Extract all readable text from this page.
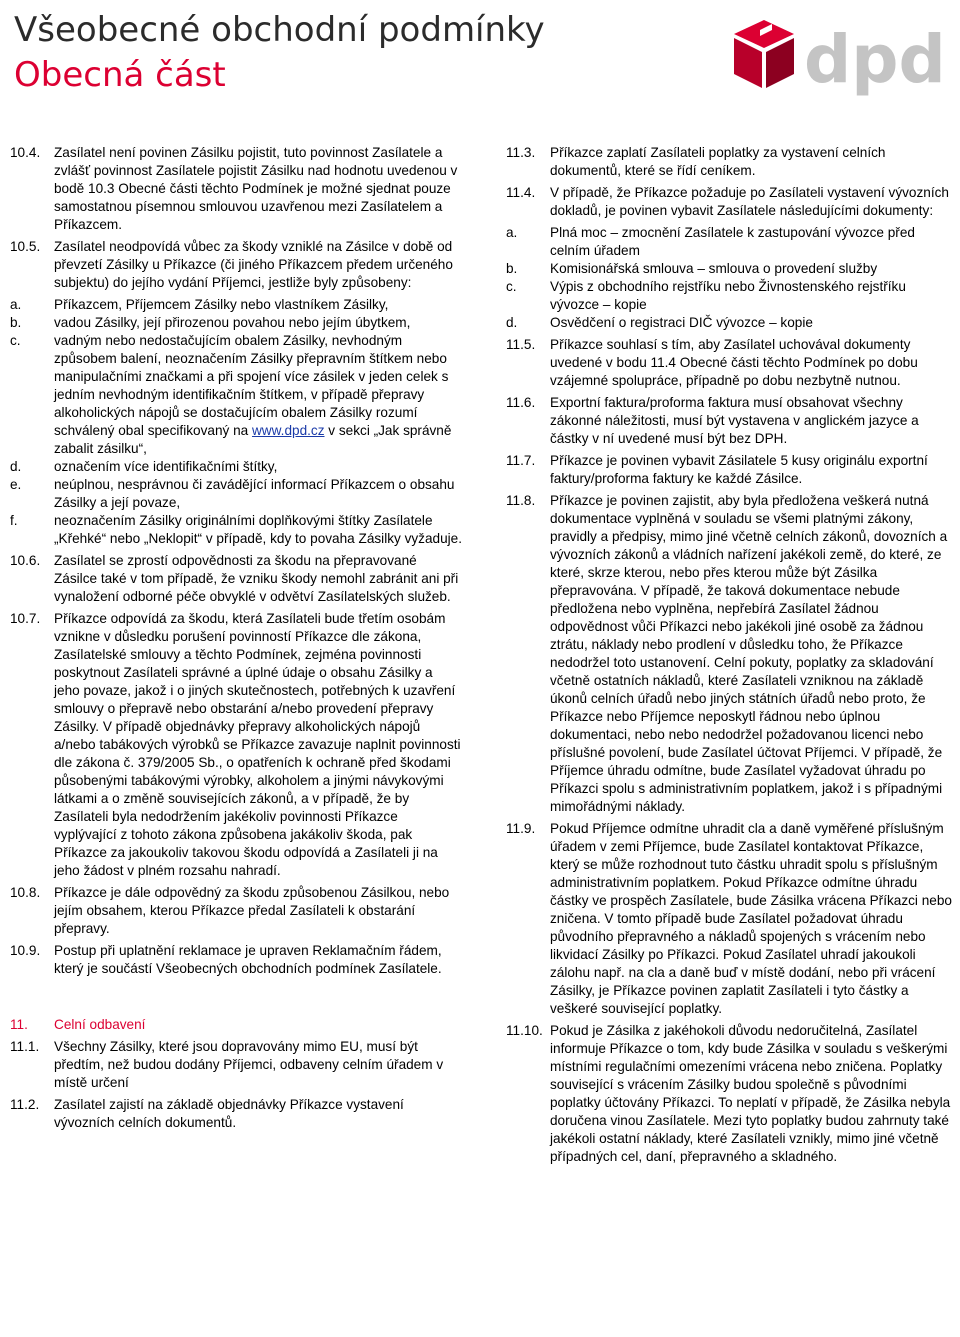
Všeobecné obchodní podmínky
Obecná část	dpd
10.4.	Zasílatel není povinen Zásilku pojistit, tuto povinnost Zasílatele a zvlášť povinnost Zasílatele pojistit Zásilku nad hodnotu uvedenou v bodě 10.3 Obecné části těchto Podmínek je možné sjednat pouze samostatnou písemnou smlouvou uzavřenou mezi Zasílatelem a Příkazcem.
10.5.	Zasílatel neodpovídá vůbec za škody vzniklé na Zásilce v době od převzetí Zásilky u Příkazce (či jiného Příkazcem předem určeného subjektu) do jejího vydání Příjemci, jestliže byly způsobeny:
a.	Příkazcem, Příjemcem Zásilky nebo vlastníkem Zásilky,
b.	vadou Zásilky, její přirozenou povahou nebo jejím úbytkem,
c.	vadným nebo nedostačujícím obalem Zásilky, nevhodným způsobem balení, neoznačením Zásilky přepravním štítkem nebo manipulačními značkami a při spojení více zásilek v jeden celek s jedním nevhodným identifikačním štítkem, v případě přepravy alkoholických nápojů se dostačujícím obalem Zásilky rozumí schválený obal specifikovaný na www.dpd.cz v sekci „Jak správně zabalit zásilku“,
d.	označením více identifikačními štítky,
e.	neúplnou, nesprávnou či zavádějící informací Příkazcem o obsahu Zásilky a její povaze,
f.	neoznačením Zásilky originálními doplňkovými štítky Zasílatele „Křehké“ nebo „Neklopit“ v případě, kdy to povaha Zásilky vyžaduje.
10.6.	Zasílatel se zprostí odpovědnosti za škodu na přepravované Zásilce také v tom případě, že vzniku škody nemohl zabránit ani při vynaložení odborné péče obvyklé v odvětví Zasílatelských služeb.
10.7.	Příkazce odpovídá za škodu, která Zasílateli bude třetím osobám vznikne v důsledku porušení povinností Příkazce dle zákona, Zasílatelské smlouvy a těchto Podmínek, zejména povinnosti poskytnout Zasílateli správné a úplné údaje o obsahu Zásilky a jeho povaze, jakož i o jiných skutečnostech, potřebných k uzavření smlouvy o přepravě nebo obstarání a/nebo provedení přepravy Zásilky. V případě objednávky přepravy alkoholických nápojů a/nebo tabákových výrobků se Příkazce zavazuje naplnit povinnosti dle zákona č. 379/2005 Sb., o opatřeních k ochraně před škodami působenými tabákovými výrobky, alkoholem a jinými návykovými látkami a o změně souvisejících zákonů, a v případě, že by Zasílateli byla nedodržením jakékoliv povinnosti Příkazce vyplývající z tohoto zákona způsobena jakákoliv škoda, pak Příkazce za jakoukoliv takovou škodu odpovídá a Zasílateli ji na jeho žádost v plném rozsahu nahradí.
10.8.	Příkazce je dále odpovědný za škodu způsobenou Zásilkou, nebo jejím obsahem, kterou Příkazce předal Zasílateli k obstarání přepravy.
10.9.	Postup při uplatnění reklamace je upraven Reklamačním řádem, který je součástí Všeobecných obchodních podmínek Zasílatele.
11.	Celní odbavení
11.1.	Všechny Zásilky, které jsou dopravovány mimo EU, musí být předtím, než budou dodány Příjemci, odbaveny celním úřadem v místě určení
11.2.	Zasílatel zajistí na základě objednávky Příkazce vystavení vývozních celních dokumentů.
11.3.	Příkazce zaplatí Zasílateli poplatky za vystavení celních dokumentů, které se řídí ceníkem.
11.4.	V případě, že Příkazce požaduje po Zasílateli vystavení vývozních dokladů, je povinen vybavit Zasílatele následujícími dokumenty:
a.	Plná moc – zmocnění Zasílatele k zastupování vývozce před celním úřadem
b.	Komisionářská smlouva – smlouva o provedení služby
c.	Výpis z obchodního rejstříku nebo Živnostenského rejstříku vývozce – kopie
d.	Osvědčení o registraci DIČ vývozce – kopie
11.5.	Příkazce souhlasí s tím, aby Zasílatel uchovával dokumenty uvedené v bodu 11.4 Obecné části těchto Podmínek po dobu vzájemné spolupráce, případně po dobu nezbytně nutnou.
11.6.	Exportní faktura/proforma faktura musí obsahovat všechny zákonné náležitosti, musí být vystavena v anglickém jazyce a částky v ní uvedené musí být bez DPH.
11.7.	Příkazce je povinen vybavit Zásilatele 5 kusy originálu exportní faktury/proforma faktury ke každé Zásilce.
11.8.	Příkazce je povinen zajistit, aby byla předložena veškerá nutná dokumentace vyplněná v souladu se všemi platnými zákony, pravidly a předpisy, mimo jiné včetně celních zákonů, dovozních a vývozních zákonů a vládních nařízení jakékoli země, do které, ze které, skrze kterou, nebo přes kterou může být Zásilka přepravována. V případě, že taková dokumentace nebude předložena nebo vyplněna, nepřebírá Zasílatel žádnou odpovědnost vůči Příkazci nebo jakékoli jiné osobě za žádnou ztrátu, náklady nebo prodlení v důsledku toho, že Příkazce nedodržel toto ustanovení. Celní pokuty, poplatky za skladování včetně ostatních nákladů, které Zasílateli vzniknou na základě úkonů celních úřadů nebo jiných státních úřadů nebo proto, že Příkazce nebo Příjemce neposkytl řádnou nebo úplnou dokumentaci, nebo nebo nedodržel požadovanou licenci nebo příslušné povolení, bude Zasílatel účtovat Příjemci. V případě, že Příjemce úhradu odmítne, bude Zasílatel vyžadovat úhradu po Příkazci spolu s administrativním poplatkem, jakož i s případnými mimořádnými náklady.
11.9.	Pokud Příjemce odmítne uhradit cla a daně vyměřené příslušným úřadem v zemi Příjemce, bude Zasílatel kontaktovat Příkazce, který se může rozhodnout tuto částku uhradit spolu s příslušným administrativním poplatkem. Pokud Příkazce odmítne úhradu částky ve prospěch Zasílatele, bude Zásilka vrácena Příkazci nebo zničena. V tomto případě bude Zasílatel požadovat úhradu původního přepravného a nákladů spojených s vrácením nebo likvidací Zásilky po Příkazci. Pokud Zasílatel uhradí jakoukoli zálohu např. na cla a daně buď v místě dodání, nebo při vrácení Zásilky, je Příkazce povinen zaplatit Zasílateli i tyto částky a veškeré související poplatky.
11.10. Pokud je Zásilka z jakéhokoli důvodu nedoručitelná, Zasílatel informuje Příkazce o tom, kdy bude Zásilka v souladu s veškerými místními regulačními omezeními vrácena nebo zničena. Poplatky související s vrácením Zásilky budou společně s původními poplatky účtovány Příkazci. To neplatí v případě, že Zásilka nebyla doručena vinou Zasílatele. Mezi tyto poplatky budou zahrnuty také jakékoli ostatní náklady, které Zasílateli vznikly, mimo jiné včetně případných cel, daní, přepravného a skladného.
